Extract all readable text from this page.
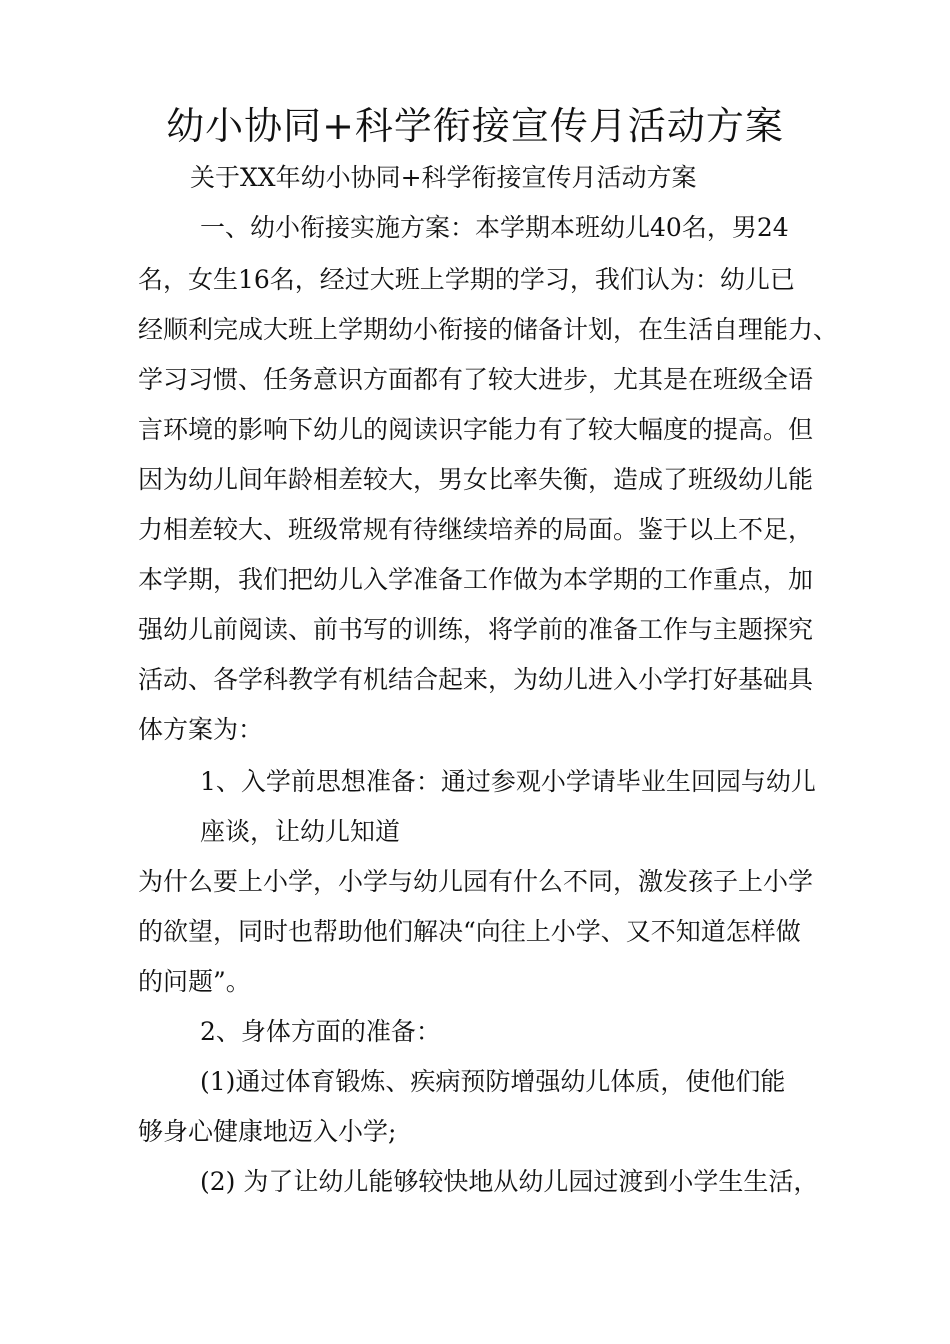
幼小协同+科学衔接宣传月活动方案
关于XX年幼小协同+科学衔接宣传月活动方案
一、幼小衔接实施方案：本学期本班幼儿40名，男24
名，女生16名，经过大班上学期的学习，我们认为：幼儿已
经顺利完成大班上学期幼小衔接的储备计划，在生活自理能力、
学习习惯、任务意识方面都有了较大进步，尤其是在班级全语
言环境的影响下幼儿的阅读识字能力有了较大幅度的提高。但
因为幼儿间年龄相差较大，男女比率失衡，造成了班级幼儿能
力相差较大、班级常规有待继续培养的局面。鉴于以上不足，
本学期，我们把幼儿入学准备工作做为本学期的工作重点，加
强幼儿前阅读、前书写的训练，将学前的准备工作与主题探究
活动、各学科教学有机结合起来，为幼儿进入小学打好基础具
体方案为：
1、入学前思想准备：通过参观小学请毕业生回园与幼儿
座谈，让幼儿知道
为什么要上小学，小学与幼儿园有什么不同，激发孩子上小学
的欲望，同时也帮助他们解决“向往上小学、又不知道怎样做
的问题”。
2、身体方面的准备：
(1)通过体育锻炼、疾病预防增强幼儿体质，使他们能
够身心健康地迈入小学;
(2) 为了让幼儿能够较快地从幼儿园过渡到小学生生活，
